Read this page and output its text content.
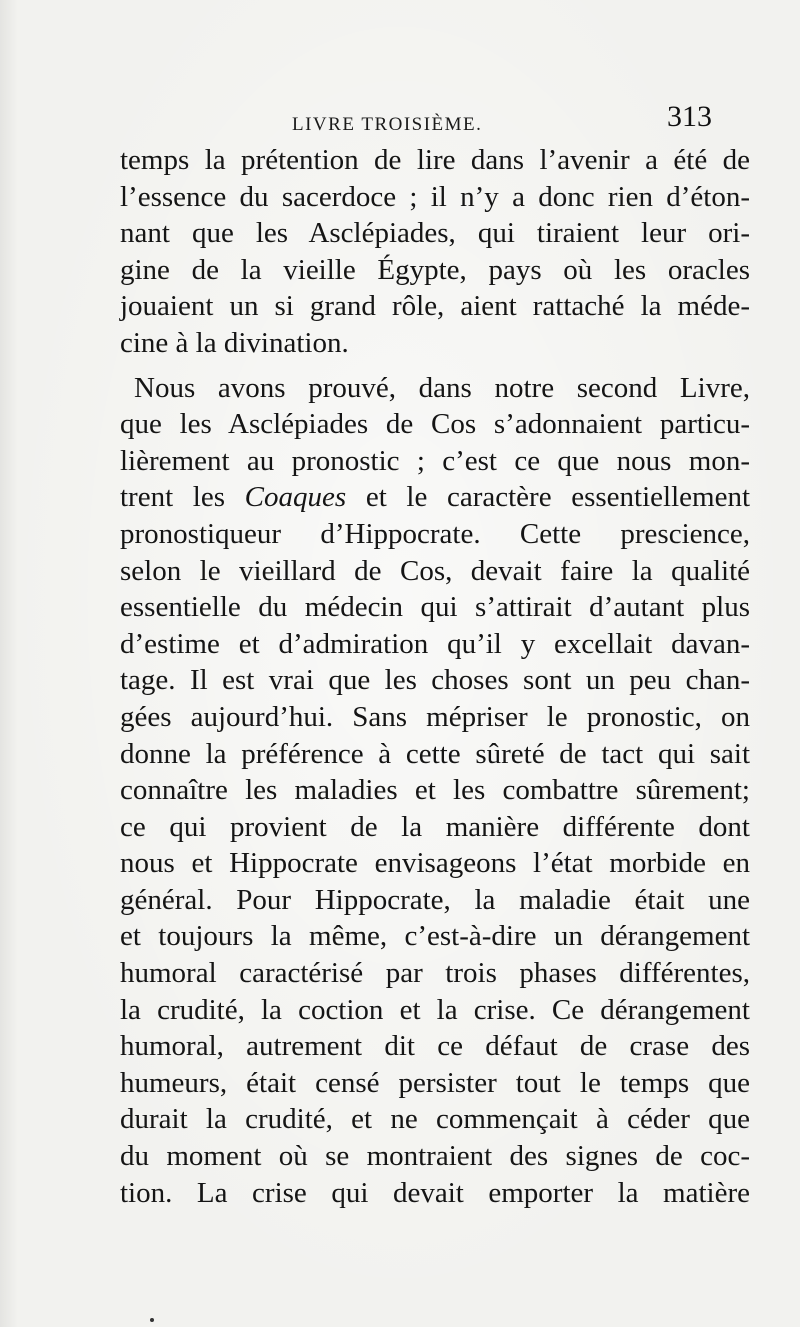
LIVRE TROISIÈME.	313
temps la prétention de lire dans l’avenir a été de
l’essence du sacerdoce ; il n’y a donc rien d’éton-
nant que les Asclépiades, qui tiraient leur ori-
gine de la vieille Égypte, pays où les oracles
jouaient un si grand rôle, aient rattaché la méde-
cine à la divination.
Nous avons prouvé, dans notre second Livre,
que les Asclépiades de Cos s’adonnaient particu-
lièrement au pronostic ; c’est ce que nous mon-
trent les Coaques et le caractère essentiellement
pronostiqueur d’Hippocrate. Cette prescience,
selon le vieillard de Cos, devait faire la qualité
essentielle du médecin qui s’attirait d’autant plus
d’estime et d’admiration qu’il y excellait davan-
tage. Il est vrai que les choses sont un peu chan-
gées aujourd’hui. Sans mépriser le pronostic, on
donne la préférence à cette sûreté de tact qui sait
connaître les maladies et les combattre sûrement;
ce qui provient de la manière différente dont
nous et Hippocrate envisageons l’état morbide en
général. Pour Hippocrate, la maladie était une
et toujours la même, c’est-à-dire un dérangement
humoral caractérisé par trois phases différentes,
la crudité, la coction et la crise. Ce dérangement
humoral, autrement dit ce défaut de crase des
humeurs, était censé persister tout le temps que
durait la crudité, et ne commençait à céder que
du moment où se montraient des signes de coc-
tion. La crise qui devait emporter la matière
